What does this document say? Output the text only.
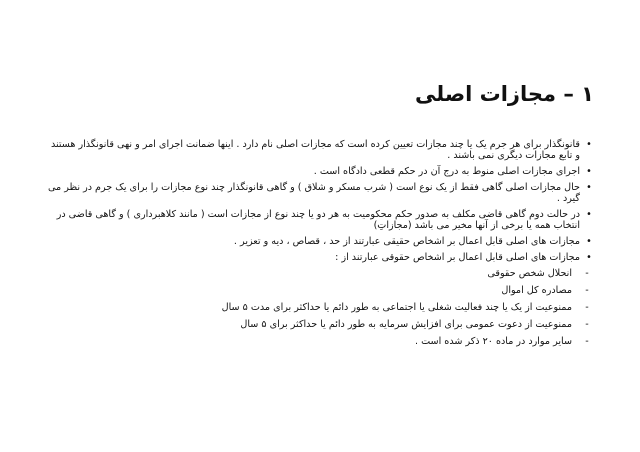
۱ – مجازات اصلی
•
قانونگذار برای هر جرم یک یا چند مجازات تعیین کرده است که مجازات اصلی نام دارد . اینها ضمانت اجرای امر و نهی قانونگذار هستند و تابع مجازات دیگری نمی باشند .
•
اجرای مجازات اصلی منوط به درج آن در حکم قطعی دادگاه است .
•
حال مجازات اصلی گاهی فقط از یک نوع است ( شرب مسکر و شلاق ) و گاهی قانونگذار چند نوع مجازات را برای یک جرم در نظر می گیرد .
•
در حالت دوم گاهی قاضی مکلف به صدور حکم محکومیت به هر دو یا چند نوع از مجازات است ( مانند کلاهبرداری ) و گاهی قاضی در انتخاب همه یا برخی از آنها مخیر می باشد (مجازاتِ)
•
مجازات های اصلی قابل اعمال بر اشخاص حقیقی عبارتند از حد ، قصاص ، دیه و تعزیر .
•
مجازات های اصلی قابل اعمال بر اشخاص حقوقی عبارتند از :
-
انحلال شخص حقوقی
-
مصادره کل اموال
-
ممنوعیت از یک یا چند فعالیت شغلی یا اجتماعی به طور دائم یا حداکثر برای مدت ۵ سال
-
ممنوعیت از دعوت عمومی برای افزایش سرمایه به طور دائم یا حداکثر برای ۵ سال
-
سایر موارد در ماده ۲۰ ذکر شده است .
